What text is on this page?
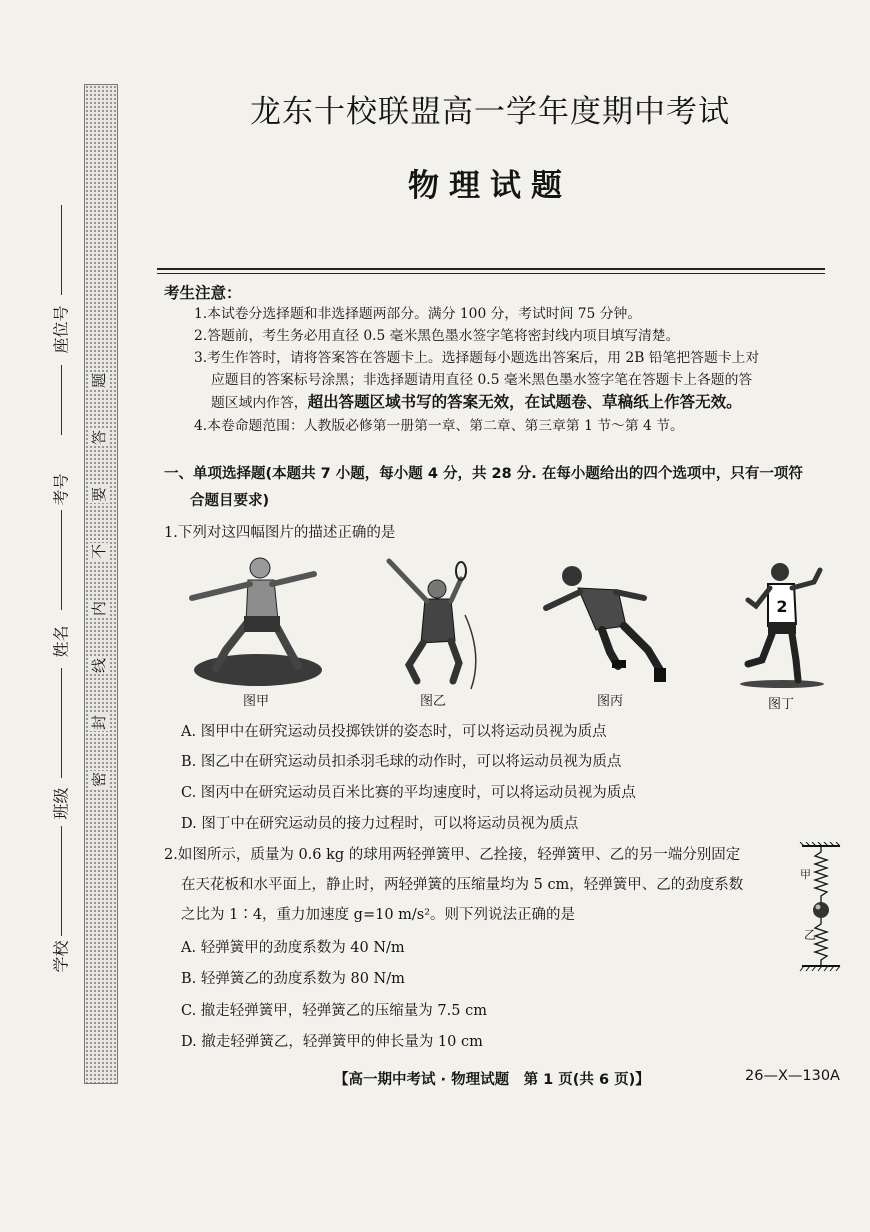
座位号
考号
姓名
班级
学校
题
答
要
不
内
线
封
密
龙东十校联盟高一学年度期中考试
物理试题
考生注意：
1.本试卷分选择题和非选择题两部分。满分 100 分，考试时间 75 分钟。
2.答题前，考生务必用直径 0.5 毫米黑色墨水签字笔将密封线内项目填写清楚。
3.考生作答时，请将答案答在答题卡上。选择题每小题选出答案后，用 2B 铅笔把答题卡上对
应题目的答案标号涂黑；非选择题请用直径 0.5 毫米黑色墨水签字笔在答题卡上各题的答
题区域内作答，超出答题区域书写的答案无效，在试题卷、草稿纸上作答无效。
4.本卷命题范围：人教版必修第一册第一章、第二章、第三章第 1 节～第 4 节。
一、单项选择题(本题共 7 小题，每小题 4 分，共 28 分. 在每小题给出的四个选项中，只有一项符
合题目要求)
1.下列对这四幅图片的描述正确的是
图甲	图乙	图丙
2
图丁
A. 图甲中在研究运动员投掷铁饼的姿态时，可以将运动员视为质点
B. 图乙中在研究运动员扣杀羽毛球的动作时，可以将运动员视为质点
C. 图丙中在研究运动员百米比赛的平均速度时，可以将运动员视为质点
D. 图丁中在研究运动员的接力过程时，可以将运动员视为质点
2.如图所示，质量为 0.6 kg 的球用两轻弹簧甲、乙拴接，轻弹簧甲、乙的另一端分别固定
在天花板和水平面上，静止时，两轻弹簧的压缩量均为 5 cm，轻弹簧甲、乙的劲度系数
之比为 1∶4，重力加速度 g=10 m/s²。则下列说法正确的是
甲
乙
A. 轻弹簧甲的劲度系数为 40 N/m
B. 轻弹簧乙的劲度系数为 80 N/m
C. 撤走轻弹簧甲，轻弹簧乙的压缩量为 7.5 cm
D. 撤走轻弹簧乙，轻弹簧甲的伸长量为 10 cm
【高一期中考试 · 物理试题　第 1 页(共 6 页)】	26—X—130A
